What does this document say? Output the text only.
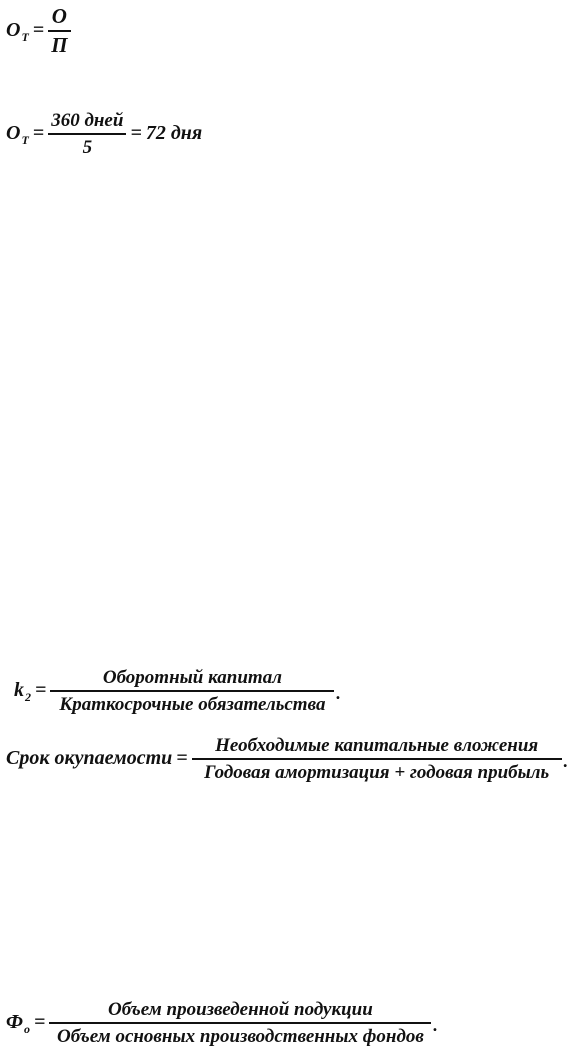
O $T = \frac{O}{П}$
O $T = \frac{\text{360 дней}}{5} = 72$ дня
k $2 = \frac{\text{Оборотный капитал}}{\text{Краткосрочные обязательства}}$ .
Срок окупаемости = $\frac{\text{Необходимые капитальные вложения}}{\text{Годовая амортизация + годовая прибыль}}$ .
Ф $о = \frac{\text{Объем произведенной подукции}}{\text{Объем основных производственных фондов}}$ .
